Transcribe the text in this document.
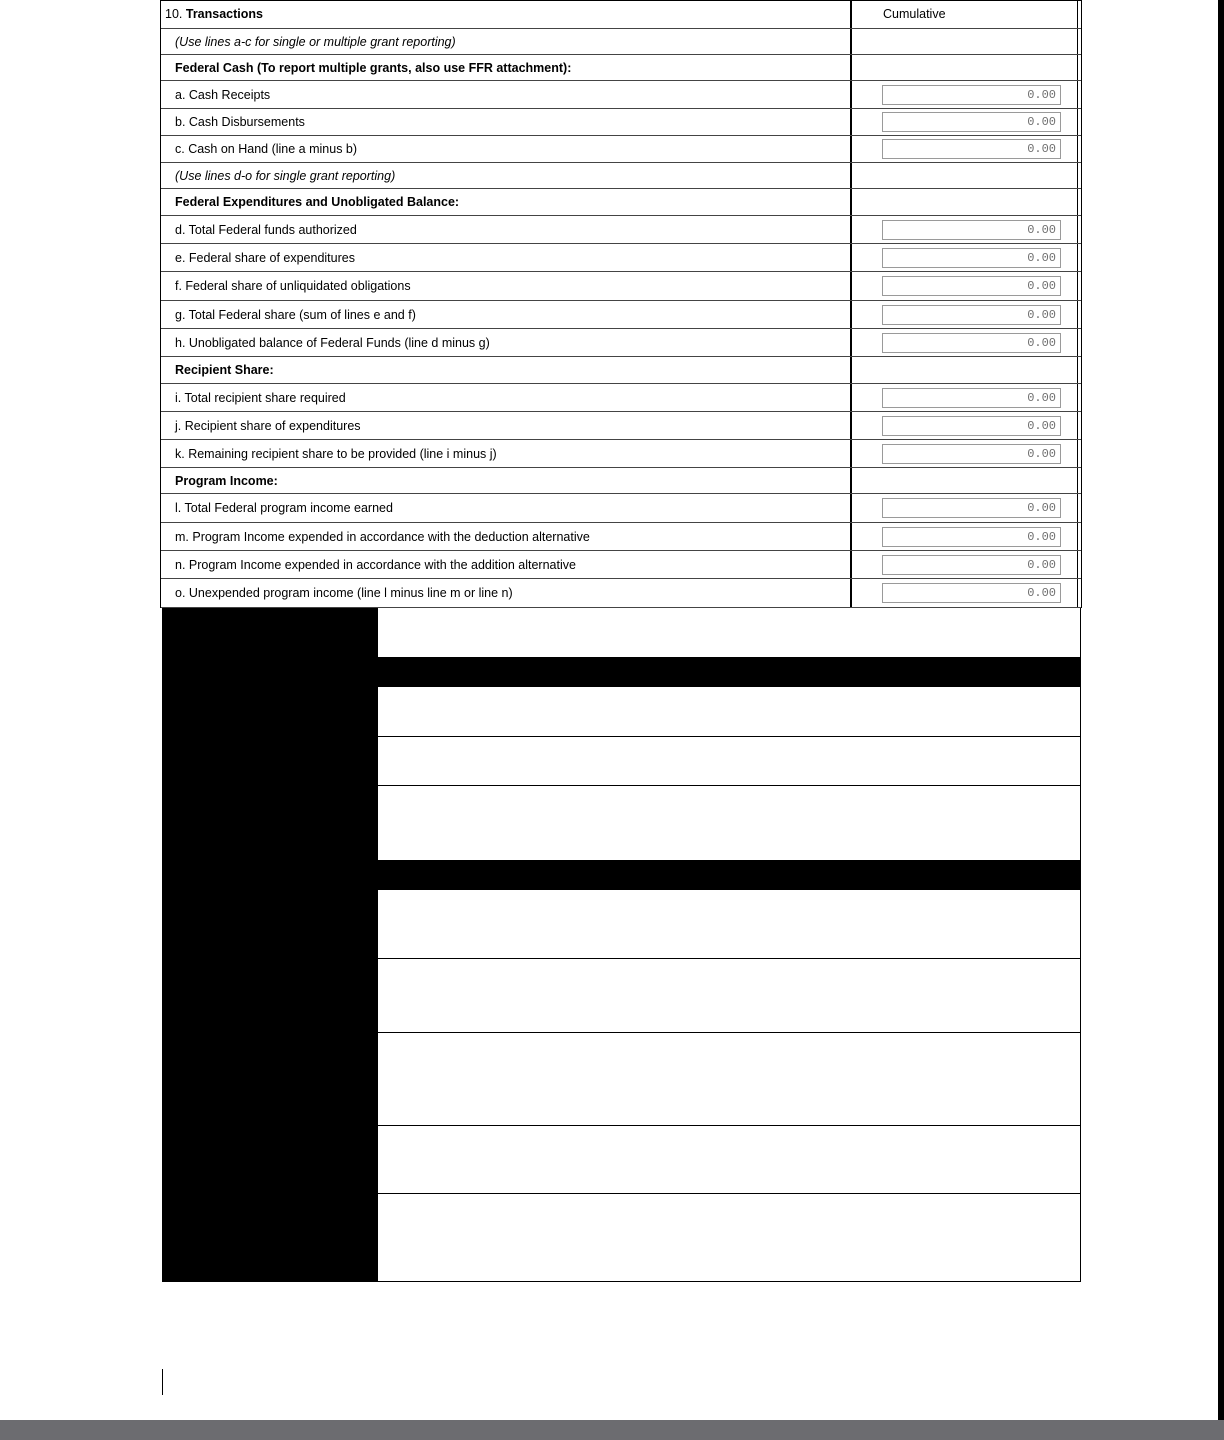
10.
Transactions	Cumulative
(Use lines a-c for single or multiple grant reporting)
Federal Cash (To report multiple grants, also use FFR attachment):
a. Cash Receipts	0.00
b. Cash Disbursements	0.00
c. Cash on Hand (line a minus b)	0.00
(Use lines d-o for single grant reporting)
Federal Expenditures and Unobligated Balance:
d. Total Federal funds authorized	0.00
e. Federal share of expenditures	0.00
f. Federal share of unliquidated obligations	0.00
g. Total Federal share (sum of lines e and f)	0.00
h. Unobligated balance of Federal Funds (line d minus g)	0.00
Recipient Share:
i. Total recipient share required	0.00
j. Recipient share of expenditures	0.00
k. Remaining recipient share to be provided (line i minus j)	0.00
Program Income:
l. Total Federal program income earned	0.00
m. Program Income expended in accordance with the deduction alternative	0.00
n. Program Income expended in accordance with the addition alternative	0.00
o. Unexpended program income (line l minus line m or line n)	0.00
